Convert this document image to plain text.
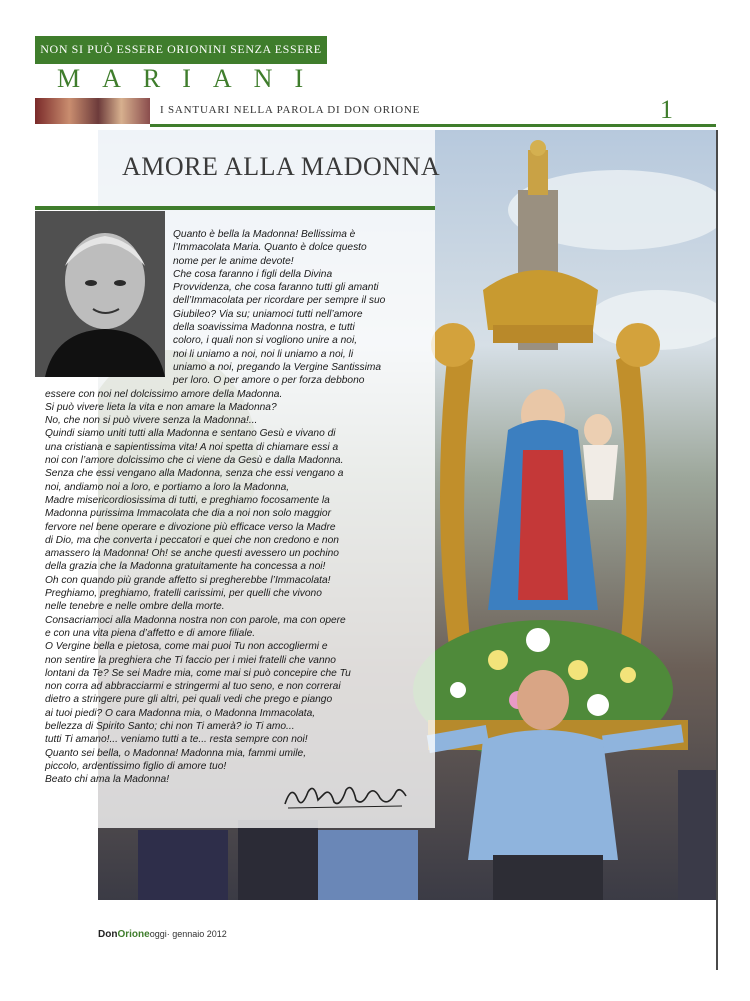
NON SI PUÒ ESSERE ORIONINI SENZA ESSERE
MARIANI
I SANTUARI NELLA PAROLA DI DON ORIONE	1
AMORE ALLA MADONNA

Quanto è bella la Madonna! Bellissima è

l’Immacolata Maria. Quanto è dolce questo

nome per le anime devote!

Che cosa faranno i figli della Divina

Provvidenza, che cosa faranno tutti gli amanti

dell’Immacolata per ricordare per sempre il suo

Giubileo? Via su; uniamoci tutti nell’amore

della soavissima Madonna nostra, e tutti

coloro, i quali non si vogliono unire a noi,

noi li uniamo a noi, noi li uniamo a noi, li

uniamo a noi, pregando la Vergine Santissima

per loro. O per amore o per forza debbono

essere con noi nel dolcissimo amore della Madonna.

Si può vivere lieta la vita e non amare la Madonna?

No, che non si può vivere senza la Madonna!...

Quindi siamo uniti tutti alla Madonna e sentano Gesù e vivano di

una cristiana e sapientissima vita! A noi spetta di chiamare essi a

noi con l’amore dolcissimo che ci viene da Gesù e dalla Madonna.

Senza che essi vengano alla Madonna, senza che essi vengano a

noi, andiamo noi a loro, e portiamo a loro la Madonna,

Madre misericordiosissima di tutti, e preghiamo focosamente la

Madonna purissima Immacolata che dia a noi non solo maggior

fervore nel bene operare e divozione più efficace verso la Madre

di Dio, ma che converta i peccatori e quei che non credono e non

amassero la Madonna! Oh! se anche questi avessero un pochino

della grazia che la Madonna gratuitamente ha concessa a noi!

Oh con quando più grande affetto si pregherebbe l’Immacolata!

Preghiamo, preghiamo, fratelli carissimi, per quelli che vivono

nelle tenebre e nelle ombre della morte.

Consacriamoci alla Madonna nostra non con parole, ma con opere

e con una vita piena d’affetto e di amore filiale.

O Vergine bella e pietosa, come mai puoi Tu non accogliermi e

non sentire la preghiera che Ti faccio per i miei fratelli che vanno

lontani da Te? Se sei Madre mia, come mai si può concepire che Tu

non corra ad abbracciarmi e stringermi al tuo seno, e non correrai

dietro a stringere pure gli altri, pei quali vedi che prego e piango

ai tuoi piedi? O cara Madonna mia, o Madonna Immacolata,

bellezza di Spirito Santo; chi non Ti amerà? io Ti amo...

tutti Ti amano!... veniamo tutti a te... resta sempre con noi!

Quanto sei bella, o Madonna! Madonna mia, fammi umile,

piccolo, ardentissimo figlio di amore tuo!

Beato chi ama la Madonna!

DonOrioneoggi· gennaio 2012
